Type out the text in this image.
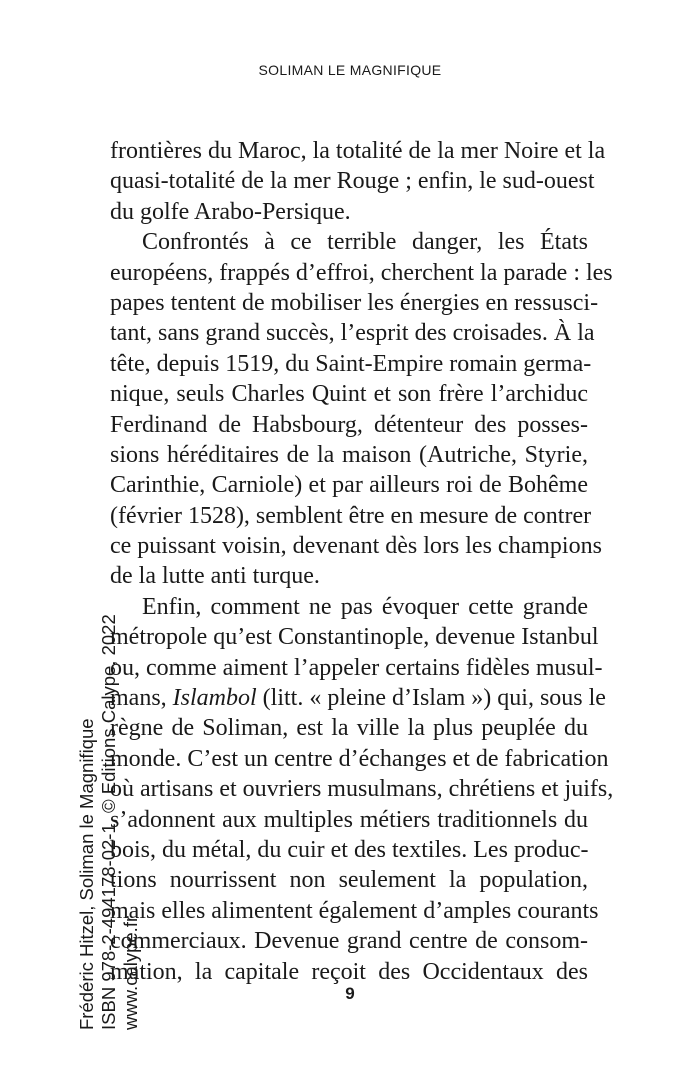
SOLIMAN LE MAGNIFIQUE
frontières du Maroc, la totalité de la mer Noire et la
quasi-totalité de la mer Rouge ; enfin, le sud-ouest
du golfe Arabo-Persique.
Confrontés à ce terrible danger, les États
européens, frappés d’effroi, cherchent la parade : les
papes tentent de mobiliser les énergies en ressusci-
tant, sans grand succès, l’esprit des croisades. À la
tête, depuis 1519, du Saint-Empire romain germa-
nique, seuls Charles Quint et son frère l’archiduc
Ferdinand de Habsbourg, détenteur des posses-
sions héréditaires de la maison (Autriche, Styrie,
Carinthie, Carniole) et par ailleurs roi de Bohême
(février 1528), semblent être en mesure de contrer
ce puissant voisin, devenant dès lors les champions
de la lutte anti turque.
Enfin, comment ne pas évoquer cette grande
métropole qu’est Constantinople, devenue Istanbul
ou, comme aiment l’appeler certains fidèles musul-
mans, Islambol (litt. « pleine d’Islam ») qui, sous le
règne de Soliman, est la ville la plus peuplée du
monde. C’est un centre d’échanges et de fabrication
où artisans et ouvriers musulmans, chrétiens et juifs,
s’adonnent aux multiples métiers traditionnels du
bois, du métal, du cuir et des textiles. Les produc-
tions nourrissent non seulement la population,
mais elles alimentent également d’amples courants
commerciaux. Devenue grand centre de consom-
mation, la capitale reçoit des Occidentaux des
9
Frédéric Hitzel, Soliman le Magnifique ISBN 978-2-494178-02-1, © Editions Calype, 2022 www.calype.fr
